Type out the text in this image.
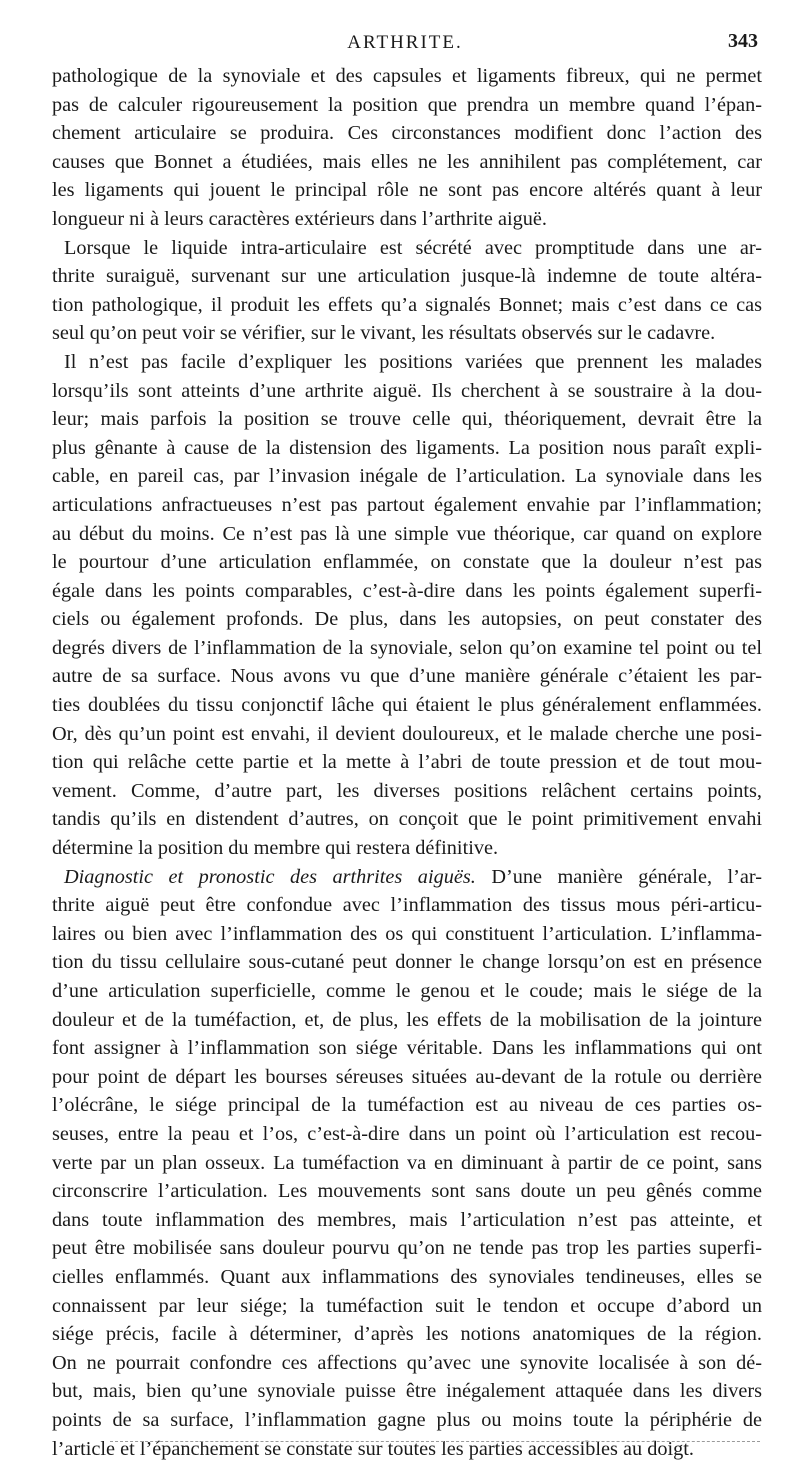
ARTHRITE.	343
pathologique de la synoviale et des capsules et ligaments fibreux, qui ne permet
pas de calculer rigoureusement la position que prendra un membre quand l’épan-
chement articulaire se produira. Ces circonstances modifient donc l’action des
causes que Bonnet a étudiées, mais elles ne les annihilent pas complétement, car
les ligaments qui jouent le principal rôle ne sont pas encore altérés quant à leur
longueur ni à leurs caractères extérieurs dans l’arthrite aiguë.
Lorsque le liquide intra-articulaire est sécrété avec promptitude dans une ar-
thrite suraiguë, survenant sur une articulation jusque-là indemne de toute altéra-
tion pathologique, il produit les effets qu’a signalés Bonnet; mais c’est dans ce cas
seul qu’on peut voir se vérifier, sur le vivant, les résultats observés sur le cadavre.
Il n’est pas facile d’expliquer les positions variées que prennent les malades
lorsqu’ils sont atteints d’une arthrite aiguë. Ils cherchent à se soustraire à la dou-
leur; mais parfois la position se trouve celle qui, théoriquement, devrait être la
plus gênante à cause de la distension des ligaments. La position nous paraît expli-
cable, en pareil cas, par l’invasion inégale de l’articulation. La synoviale dans les
articulations anfractueuses n’est pas partout également envahie par l’inflammation;
au début du moins. Ce n’est pas là une simple vue théorique, car quand on explore
le pourtour d’une articulation enflammée, on constate que la douleur n’est pas
égale dans les points comparables, c’est-à-dire dans les points également superfi-
ciels ou également profonds. De plus, dans les autopsies, on peut constater des
degrés divers de l’inflammation de la synoviale, selon qu’on examine tel point ou tel
autre de sa surface. Nous avons vu que d’une manière générale c’étaient les par-
ties doublées du tissu conjonctif lâche qui étaient le plus généralement enflammées.
Or, dès qu’un point est envahi, il devient douloureux, et le malade cherche une posi-
tion qui relâche cette partie et la mette à l’abri de toute pression et de tout mou-
vement. Comme, d’autre part, les diverses positions relâchent certains points,
tandis qu’ils en distendent d’autres, on conçoit que le point primitivement envahi
détermine la position du membre qui restera définitive.
Diagnostic et pronostic des arthrites aiguës. D’une manière générale, l’ar-
thrite aiguë peut être confondue avec l’inflammation des tissus mous péri-articu-
laires ou bien avec l’inflammation des os qui constituent l’articulation. L’inflamma-
tion du tissu cellulaire sous-cutané peut donner le change lorsqu’on est en présence
d’une articulation superficielle, comme le genou et le coude; mais le siége de la
douleur et de la tuméfaction, et, de plus, les effets de la mobilisation de la jointure
font assigner à l’inflammation son siége véritable. Dans les inflammations qui ont
pour point de départ les bourses séreuses situées au-devant de la rotule ou derrière
l’olécrâne, le siége principal de la tuméfaction est au niveau de ces parties os-
seuses, entre la peau et l’os, c’est-à-dire dans un point où l’articulation est recou-
verte par un plan osseux. La tuméfaction va en diminuant à partir de ce point, sans
circonscrire l’articulation. Les mouvements sont sans doute un peu gênés comme
dans toute inflammation des membres, mais l’articulation n’est pas atteinte, et
peut être mobilisée sans douleur pourvu qu’on ne tende pas trop les parties superfi-
cielles enflammés. Quant aux inflammations des synoviales tendineuses, elles se
connaissent par leur siége; la tuméfaction suit le tendon et occupe d’abord un
siége précis, facile à déterminer, d’après les notions anatomiques de la région.
On ne pourrait confondre ces affections qu’avec une synovite localisée à son dé-
but, mais, bien qu’une synoviale puisse être inégalement attaquée dans les divers
points de sa surface, l’inflammation gagne plus ou moins toute la périphérie de
l’article et l’épanchement se constate sur toutes les parties accessibles au doigt.
